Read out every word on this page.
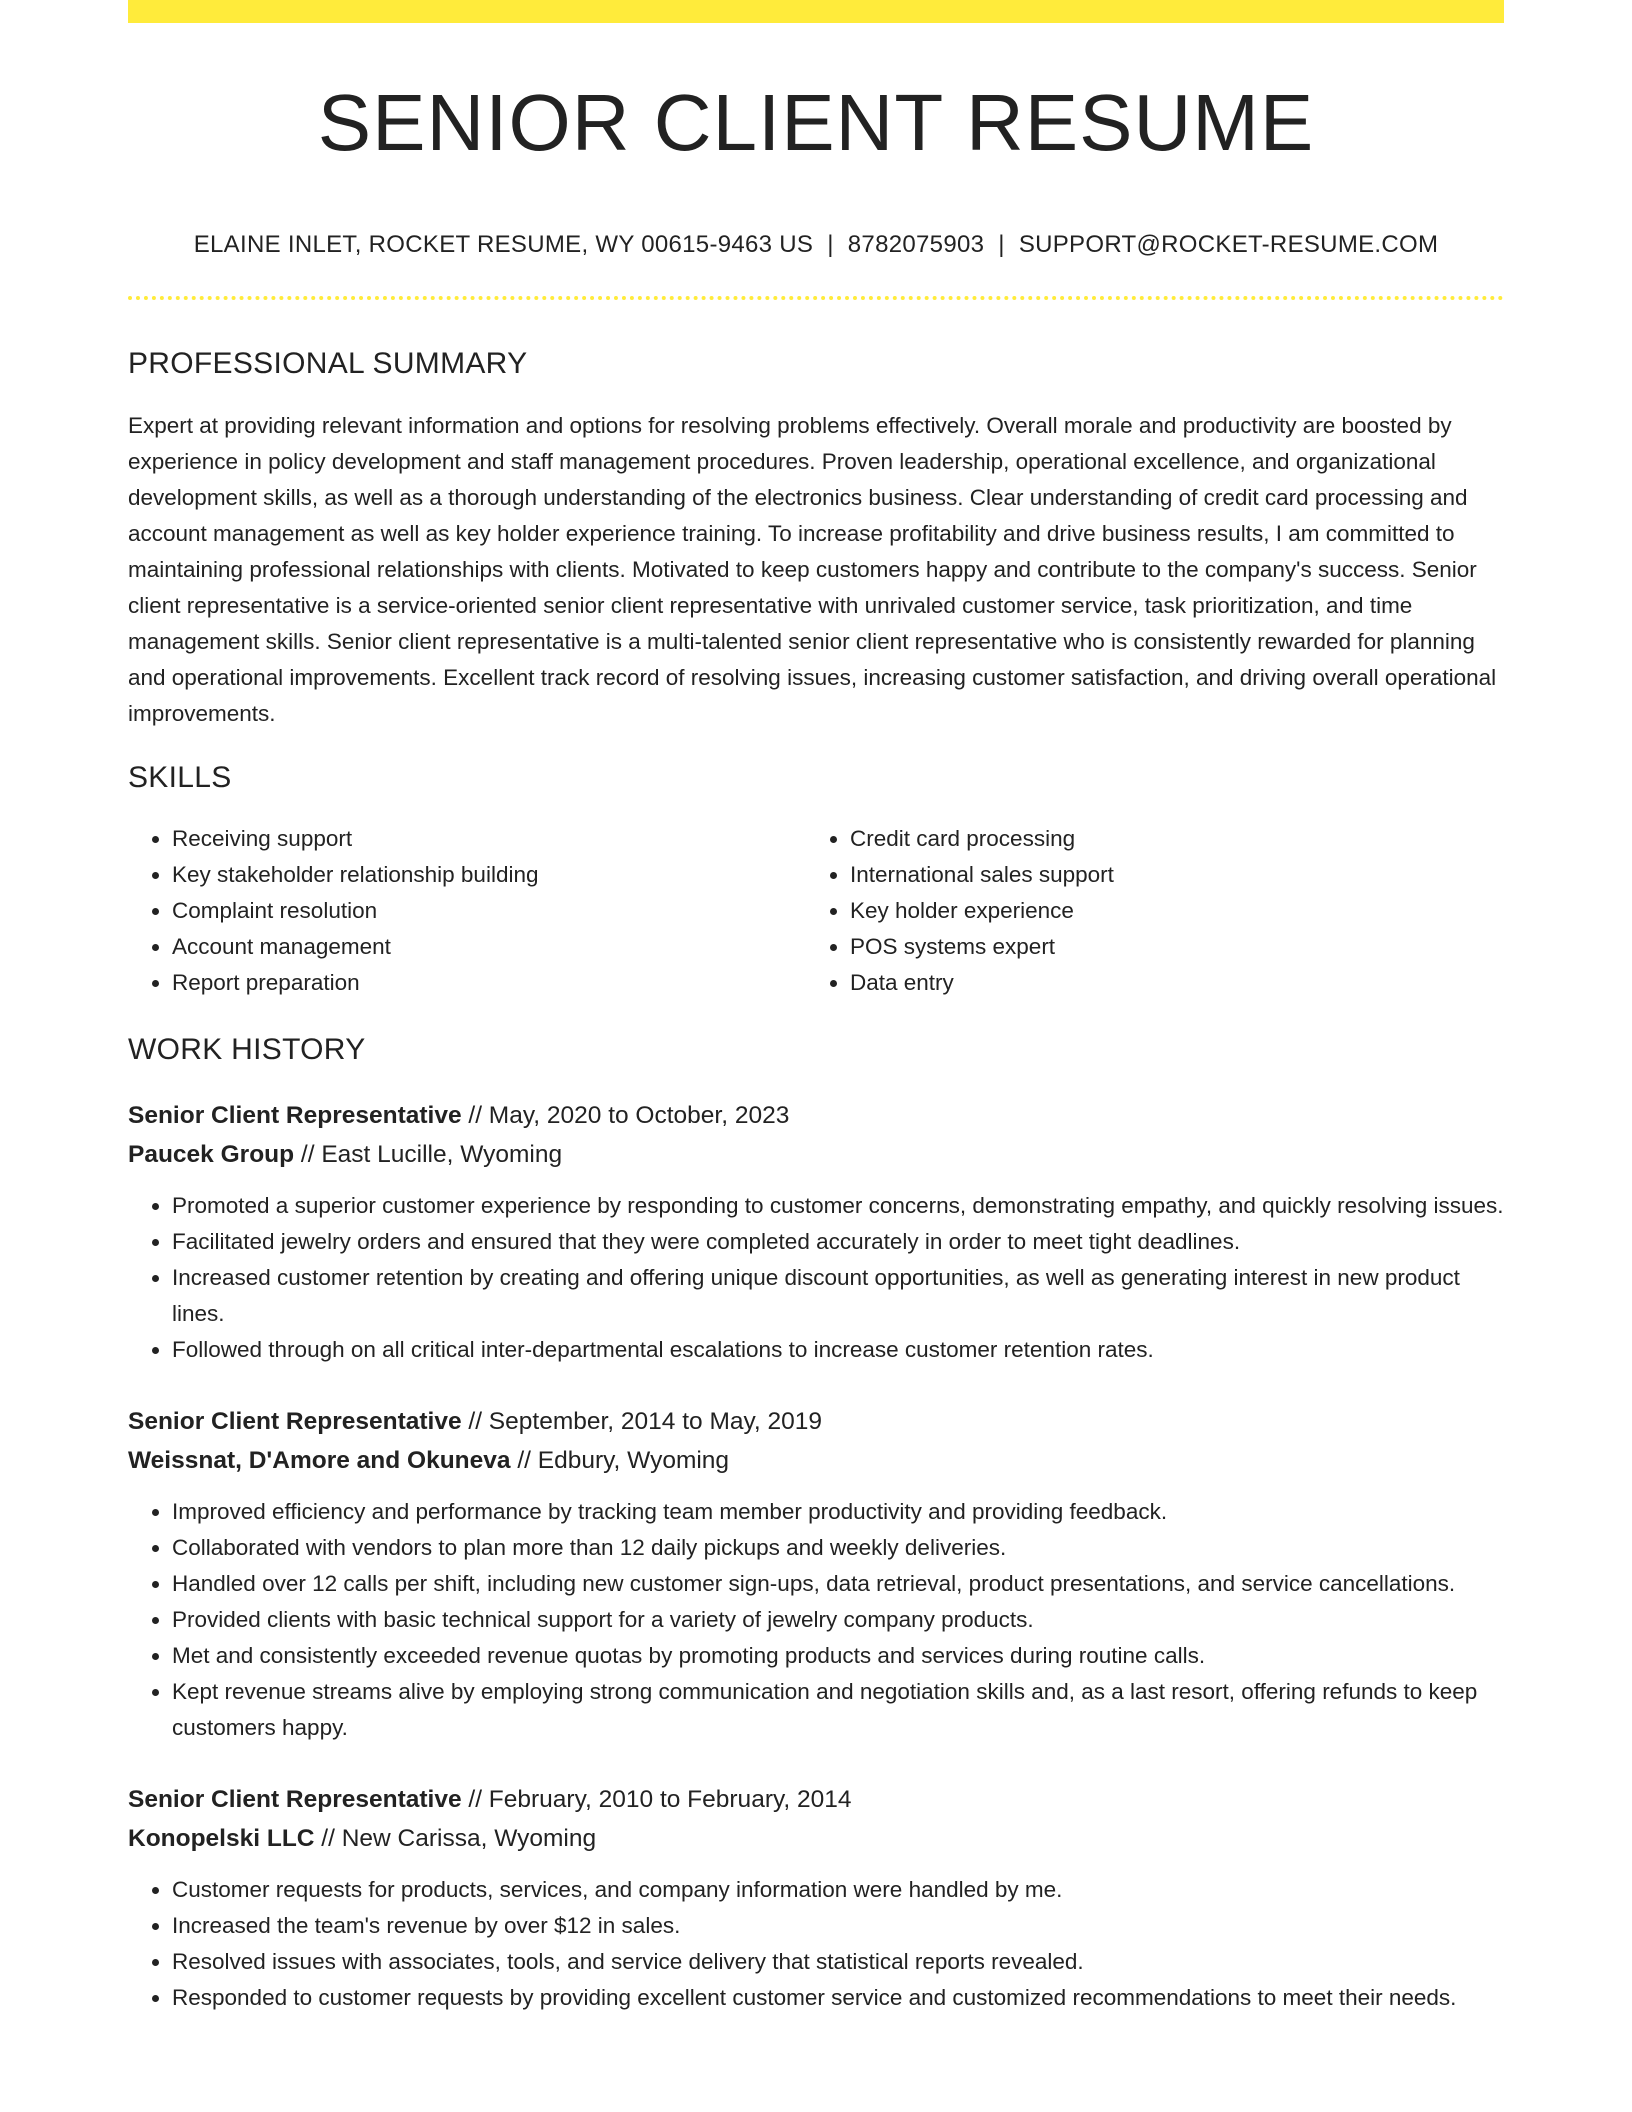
SENIOR CLIENT RESUME
ELAINE INLET, ROCKET RESUME, WY 00615-9463 US | 8782075903 | SUPPORT@ROCKET-RESUME.COM
PROFESSIONAL SUMMARY

Expert at providing relevant information and options for resolving problems effectively. Overall morale and productivity are boosted by experience in policy development and staff management procedures. Proven leadership, operational excellence, and organizational development skills, as well as a thorough understanding of the electronics business. Clear understanding of credit card processing and account management as well as key holder experience training. To increase profitability and drive business results, I am committed to maintaining professional relationships with clients. Motivated to keep customers happy and contribute to the company's success. Senior client representative is a service-oriented senior client representative with unrivaled customer service, task prioritization, and time management skills. Senior client representative is a multi-talented senior client representative who is consistently rewarded for planning and operational improvements. Excellent track record of resolving issues, increasing customer satisfaction, and driving overall operational improvements.

SKILLS
• Receiving support
• Key stakeholder relationship building
• Complaint resolution
• Account management
• Report preparation
• Credit card processing
• International sales support
• Key holder experience
• POS systems expert
• Data entry
WORK HISTORY
Senior Client Representative // May, 2020 to October, 2023
Paucek Group // East Lucille, Wyoming
• Promoted a superior customer experience by responding to customer concerns, demonstrating empathy, and quickly resolving issues.
• Facilitated jewelry orders and ensured that they were completed accurately in order to meet tight deadlines.
• Increased customer retention by creating and offering unique discount opportunities, as well as generating interest in new product lines.
• Followed through on all critical inter-departmental escalations to increase customer retention rates.
Senior Client Representative // September, 2014 to May, 2019
Weissnat, D'Amore and Okuneva // Edbury, Wyoming
• Improved efficiency and performance by tracking team member productivity and providing feedback.
• Collaborated with vendors to plan more than 12 daily pickups and weekly deliveries.
• Handled over 12 calls per shift, including new customer sign-ups, data retrieval, product presentations, and service cancellations.
• Provided clients with basic technical support for a variety of jewelry company products.
• Met and consistently exceeded revenue quotas by promoting products and services during routine calls.
• Kept revenue streams alive by employing strong communication and negotiation skills and, as a last resort, offering refunds to keep customers happy.
Senior Client Representative // February, 2010 to February, 2014
Konopelski LLC // New Carissa, Wyoming
• Customer requests for products, services, and company information were handled by me.
• Increased the team's revenue by over $12 in sales.
• Resolved issues with associates, tools, and service delivery that statistical reports revealed.
• Responded to customer requests by providing excellent customer service and customized recommendations to meet their needs.
